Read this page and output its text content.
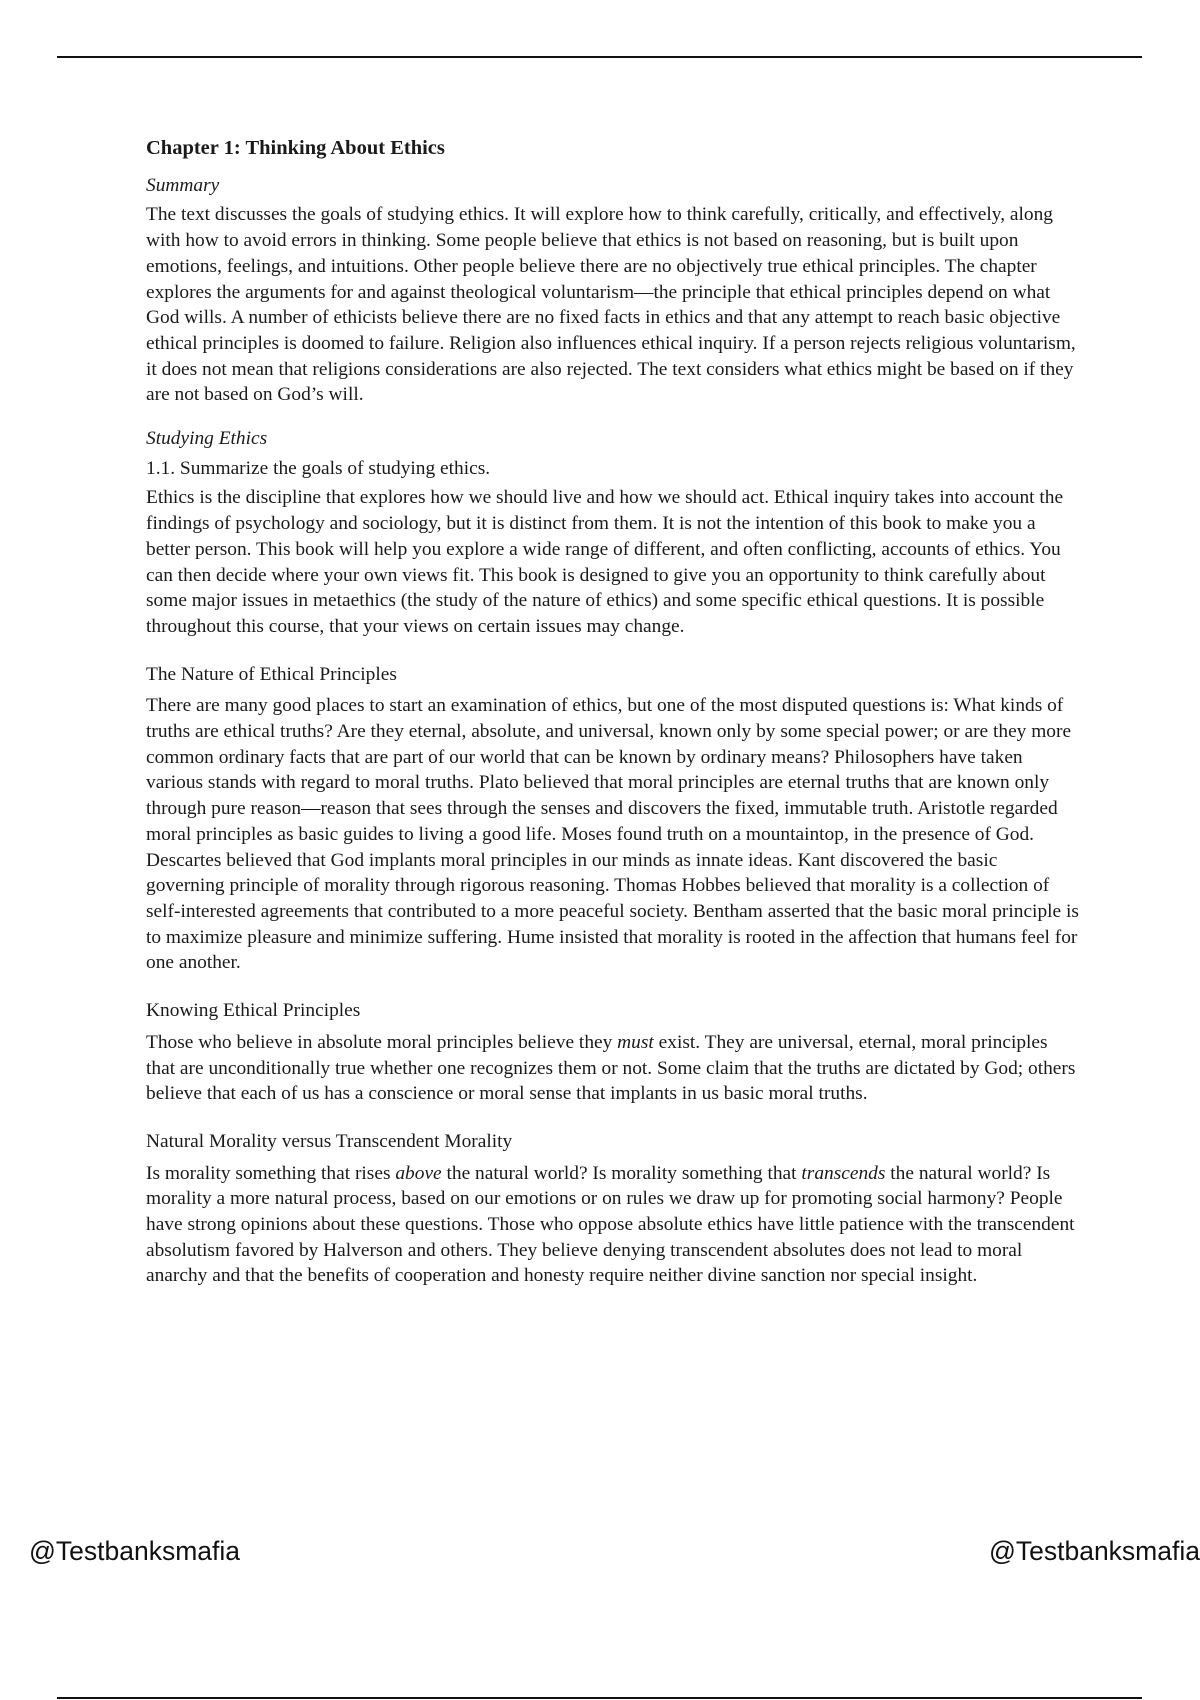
Chapter 1: Thinking About Ethics
Summary

The text discusses the goals of studying ethics. It will explore how to think carefully, critically, and effectively, along with how to avoid errors in thinking. Some people believe that ethics is not based on reasoning, but is built upon emotions, feelings, and intuitions. Other people believe there are no objectively true ethical principles. The chapter explores the arguments for and against theological voluntarism—the principle that ethical principles depend on what God wills. A number of ethicists believe there are no fixed facts in ethics and that any attempt to reach basic objective ethical principles is doomed to failure. Religion also influences ethical inquiry. If a person rejects religious voluntarism, it does not mean that religions considerations are also rejected. The text considers what ethics might be based on if they are not based on God’s will.

Studying Ethics
1.1. Summarize the goals of studying ethics.

Ethics is the discipline that explores how we should live and how we should act. Ethical inquiry takes into account the findings of psychology and sociology, but it is distinct from them. It is not the intention of this book to make you a better person. This book will help you explore a wide range of different, and often conflicting, accounts of ethics. You can then decide where your own views fit. This book is designed to give you an opportunity to think carefully about some major issues in metaethics (the study of the nature of ethics) and some specific ethical questions. It is possible throughout this course, that your views on certain issues may change.

The Nature of Ethical Principles

There are many good places to start an examination of ethics, but one of the most disputed questions is: What kinds of truths are ethical truths? Are they eternal, absolute, and universal, known only by some special power; or are they more common ordinary facts that are part of our world that can be known by ordinary means? Philosophers have taken various stands with regard to moral truths. Plato believed that moral principles are eternal truths that are known only through pure reason—reason that sees through the senses and discovers the fixed, immutable truth. Aristotle regarded moral principles as basic guides to living a good life. Moses found truth on a mountaintop, in the presence of God. Descartes believed that God implants moral principles in our minds as innate ideas. Kant discovered the basic governing principle of morality through rigorous reasoning. Thomas Hobbes believed that morality is a collection of self-interested agreements that contributed to a more peaceful society. Bentham asserted that the basic moral principle is to maximize pleasure and minimize suffering. Hume insisted that morality is rooted in the affection that humans feel for one another.

Knowing Ethical Principles

Those who believe in absolute moral principles believe they must exist. They are universal, eternal, moral principles that are unconditionally true whether one recognizes them or not. Some claim that the truths are dictated by God; others believe that each of us has a conscience or moral sense that implants in us basic moral truths.

Natural Morality versus Transcendent Morality

Is morality something that rises above the natural world? Is morality something that transcends the natural world? Is morality a more natural process, based on our emotions or on rules we draw up for promoting social harmony? People have strong opinions about these questions. Those who oppose absolute ethics have little patience with the transcendent absolutism favored by Halverson and others. They believe denying transcendent absolutes does not lead to moral anarchy and that the benefits of cooperation and honesty require neither divine sanction nor special insight.

@Testbanksmafia	@Testbanksmafia
